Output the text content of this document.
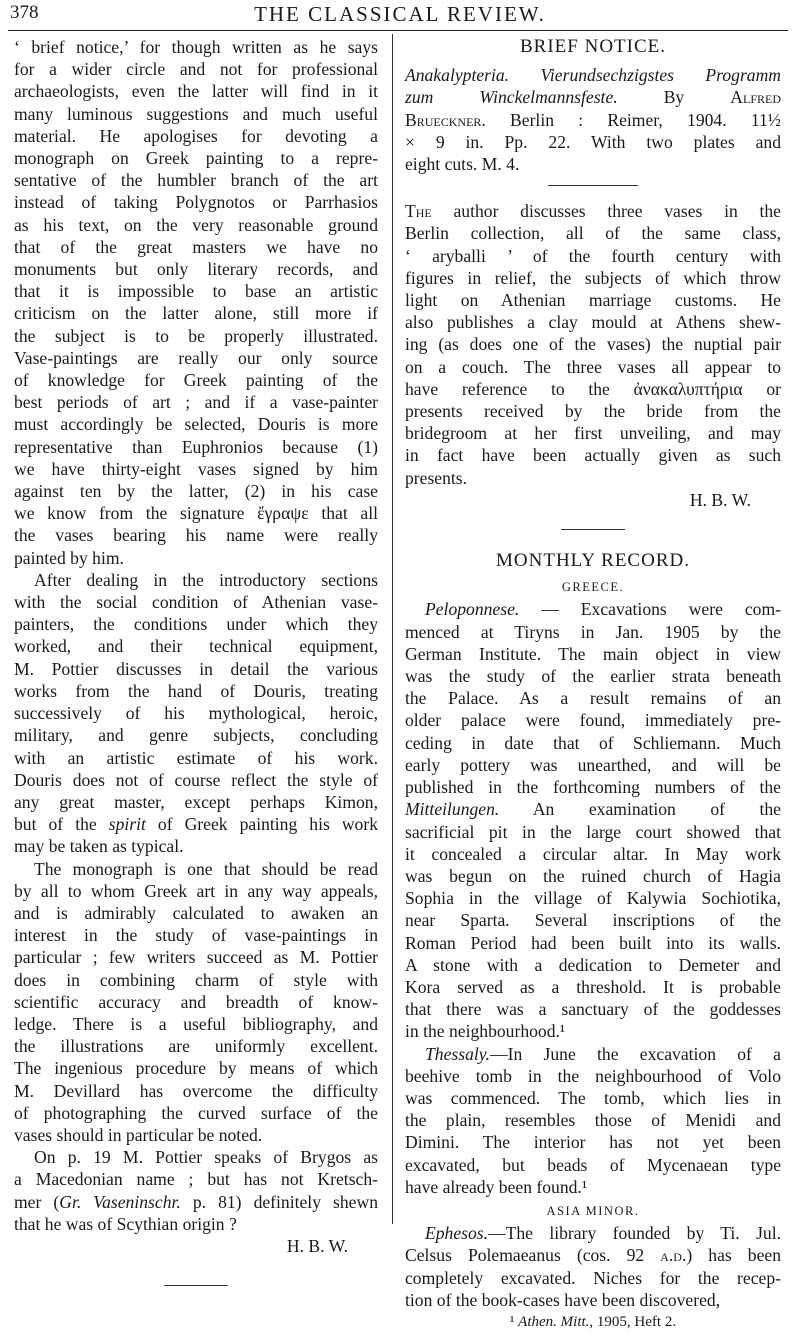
378	THE CLASSICAL REVIEW.

‘ brief notice,’ for though written as he says
for a wider circle and not for professional
archaeologists, even the latter will find in it
many luminous suggestions and much useful
material. He apologises for devoting a
monograph on Greek painting to a repre-
sentative of the humbler branch of the art
instead of taking Polygnotos or Parrhasios
as his text, on the very reasonable ground
that of the great masters we have no
monuments but only literary records, and
that it is impossible to base an artistic
criticism on the latter alone, still more if
the subject is to be properly illustrated.
Vase-paintings are really our only source
of knowledge for Greek painting of the
best periods of art ; and if a vase-painter
must accordingly be selected, Douris is more
representative than Euphronios because (1)
we have thirty-eight vases signed by him
against ten by the latter, (2) in his case
we know from the signature ἔγραψε that all
the vases bearing his name were really
painted by him.

After dealing in the introductory sections
with the social condition of Athenian vase-
painters, the conditions under which they
worked, and their technical equipment,
M. Pottier discusses in detail the various
works from the hand of Douris, treating
successively of his mythological, heroic,
military, and genre subjects, concluding
with an artistic estimate of his work.
Douris does not of course reflect the style of
any great master, except perhaps Kimon,
but of the spirit of Greek painting his work
may be taken as typical.

The monograph is one that should be read
by all to whom Greek art in any way appeals,
and is admirably calculated to awaken an
interest in the study of vase-paintings in
particular ; few writers succeed as M. Pottier
does in combining charm of style with
scientific accuracy and breadth of know-
ledge. There is a useful bibliography, and
the illustrations are uniformly excellent.
The ingenious procedure by means of which
M. Devillard has overcome the difficulty
of photographing the curved surface of the
vases should in particular be noted.

On p. 19 M. Pottier speaks of Brygos as
a Macedonian name ; but has not Kretsch-
mer (Gr. Vaseninschr. p. 81) definitely shewn
that he was of Scythian origin ?

H. B. W.

BRIEF NOTICE.

Anakalypteria. Vierundsechzigstes Programm
zum Winckelmannsfeste. By Alfred
Brueckner. Berlin : Reimer, 1904. 11½
× 9 in. Pp. 22. With two plates and
eight cuts. M. 4.

The author discusses three vases in the
Berlin collection, all of the same class,
‘ aryballi ’ of the fourth century with
figures in relief, the subjects of which throw
light on Athenian marriage customs. He
also publishes a clay mould at Athens shew-
ing (as does one of the vases) the nuptial pair
on a couch. The three vases all appear to
have reference to the ἀνακαλυπτήρια or
presents received by the bride from the
bridegroom at her first unveiling, and may
in fact have been actually given as such
presents.

H. B. W.

MONTHLY RECORD.

GREECE.

Peloponnese. — Excavations were com-
menced at Tiryns in Jan. 1905 by the
German Institute. The main object in view
was the study of the earlier strata beneath
the Palace. As a result remains of an
older palace were found, immediately pre-
ceding in date that of Schliemann. Much
early pottery was unearthed, and will be
published in the forthcoming numbers of the
Mitteilungen. An examination of the
sacrificial pit in the large court showed that
it concealed a circular altar. In May work
was begun on the ruined church of Hagia
Sophia in the village of Kalywia Sochiotika,
near Sparta. Several inscriptions of the
Roman Period had been built into its walls.
A stone with a dedication to Demeter and
Kora served as a threshold. It is probable
that there was a sanctuary of the goddesses
in the neighbourhood.¹

Thessaly.—In June the excavation of a
beehive tomb in the neighbourhood of Volo
was commenced. The tomb, which lies in
the plain, resembles those of Menidi and
Dimini. The interior has not yet been
excavated, but beads of Mycenaean type
have already been found.¹

ASIA MINOR.

Ephesos.—The library founded by Ti. Jul.
Celsus Polemaeanus (cos. 92 a.d.) has been
completely excavated. Niches for the recep-
tion of the book-cases have been discovered,

¹ Athen. Mitt., 1905, Heft 2.
